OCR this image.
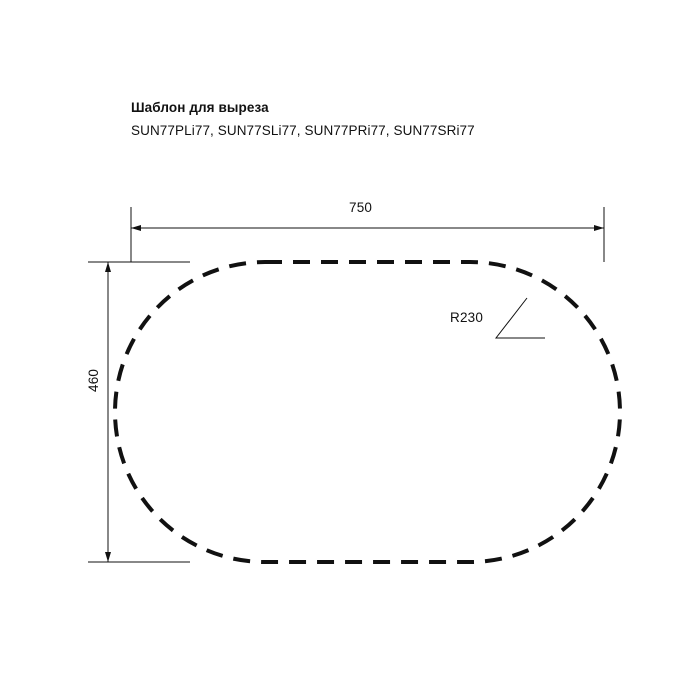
Шаблон для выреза
SUN77PLi77, SUN77SLi77, SUN77PRi77, SUN77SRi77
750
460
R230
